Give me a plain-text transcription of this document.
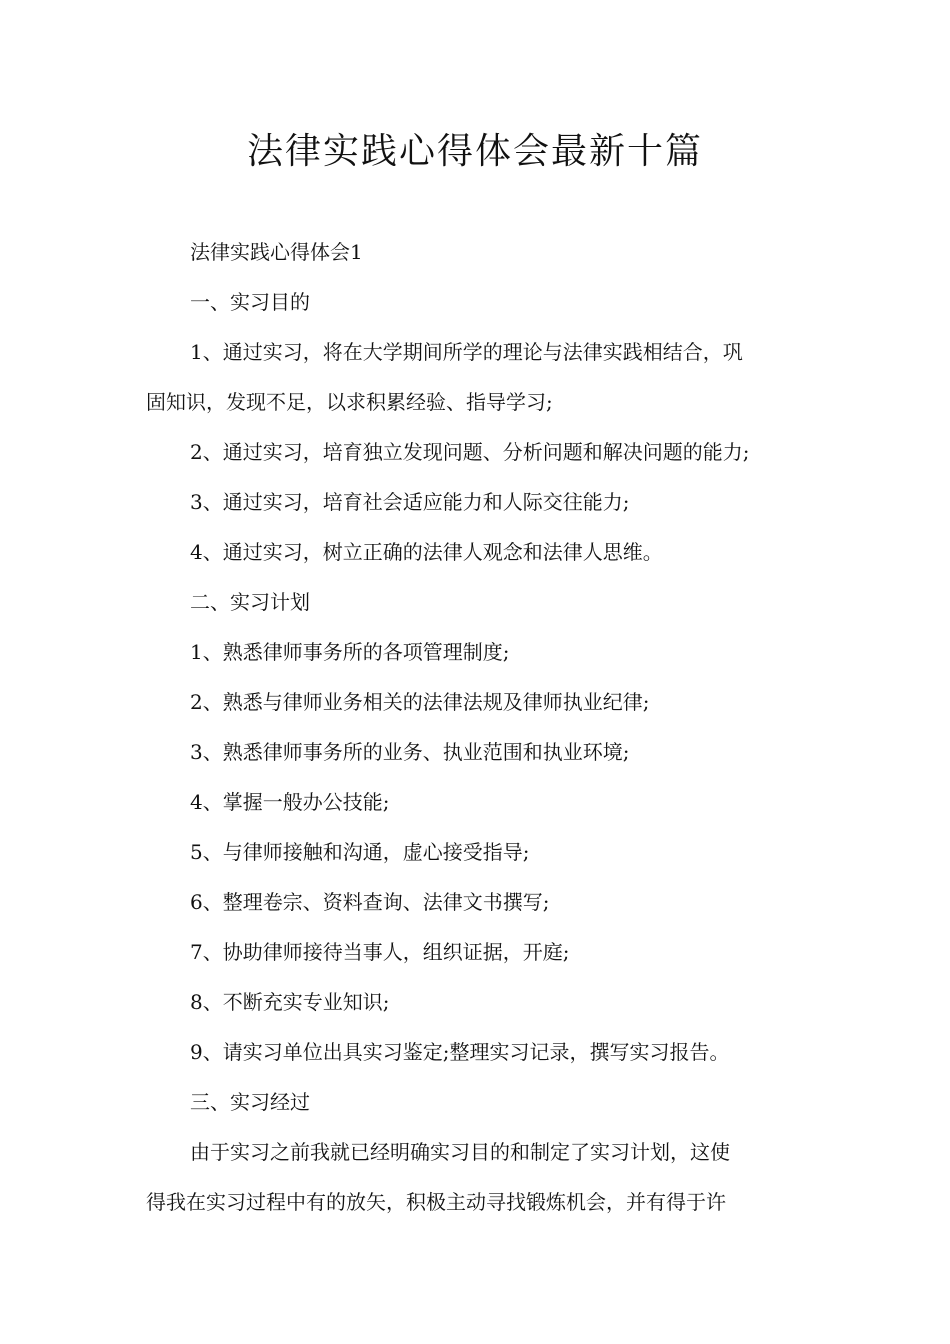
法律实践心得体会最新十篇

法律实践心得体会1

一、实习目的

1、通过实习，将在大学期间所学的理论与法律实践相结合，巩

固知识，发现不足，以求积累经验、指导学习;

2、通过实习，培育独立发现问题、分析问题和解决问题的能力;

3、通过实习，培育社会适应能力和人际交往能力;

4、通过实习，树立正确的法律人观念和法律人思维。

二、实习计划

1、熟悉律师事务所的各项管理制度;

2、熟悉与律师业务相关的法律法规及律师执业纪律;

3、熟悉律师事务所的业务、执业范围和执业环境;

4、掌握一般办公技能;

5、与律师接触和沟通，虚心接受指导;

6、整理卷宗、资料查询、法律文书撰写;

7、协助律师接待当事人，组织证据，开庭;

8、不断充实专业知识;

9、请实习单位出具实习鉴定;整理实习记录，撰写实习报告。

三、实习经过

由于实习之前我就已经明确实习目的和制定了实习计划，这使

得我在实习过程中有的放矢，积极主动寻找锻炼机会，并有得于许
